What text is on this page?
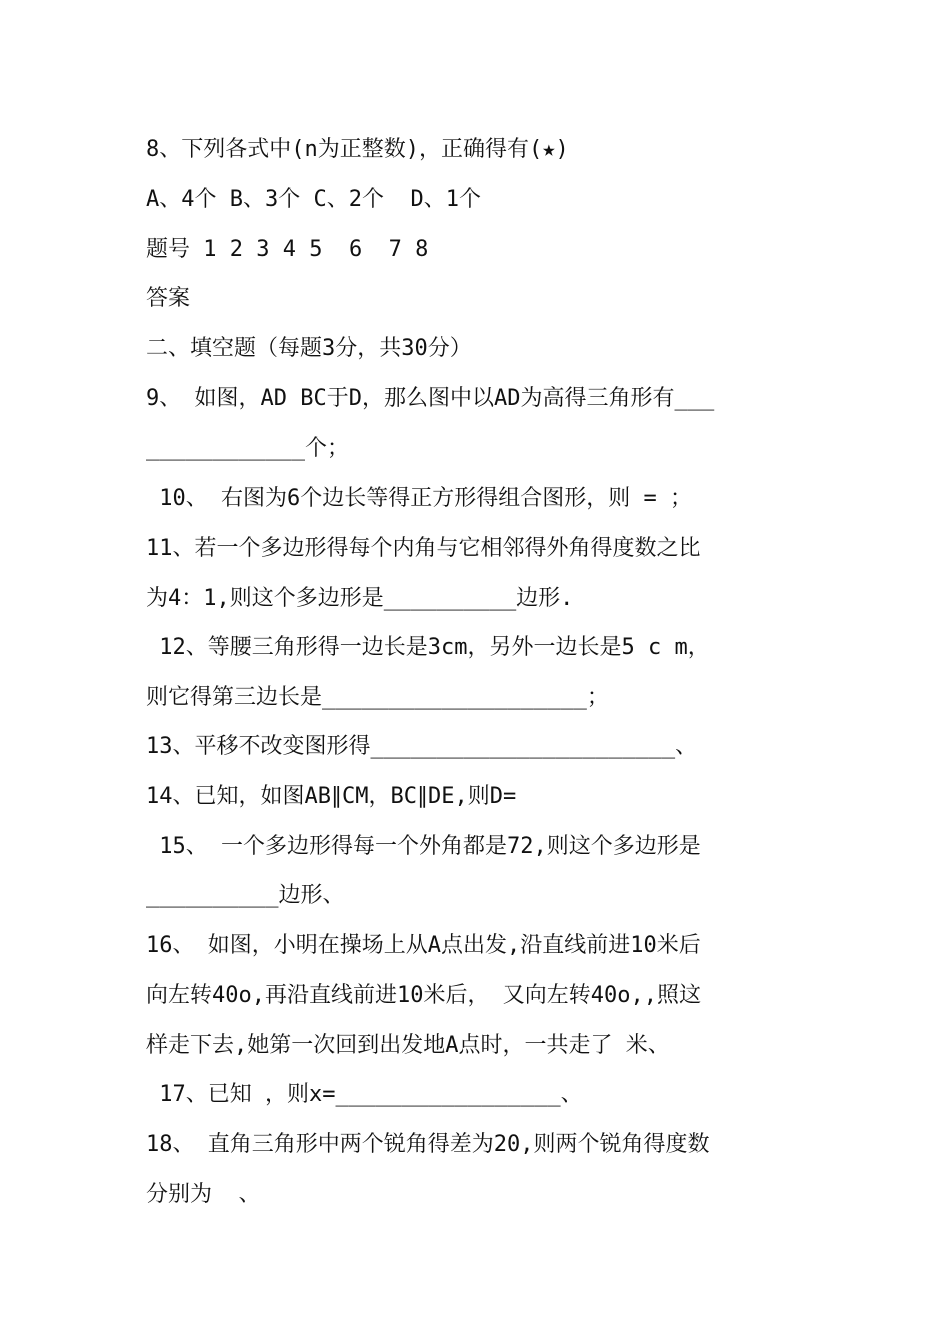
8、下列各式中(n为正整数)，正确得有(★)
A、4个 B、3个 C、2个  D、1个
题号 1 2 3 4 5  6  7 8
答案
二、填空题（每题3分，共30分）
9、 如图，AD BC于D，那么图中以AD为高得三角形有___
____________个；
10、 右图为6个边长等得正方形得组合图形，则 = ；
11、若一个多边形得每个内角与它相邻得外角得度数之比
为4：1,则这个多边形是__________边形.
12、等腰三角形得一边长是3cm，另外一边长是5 c m，
则它得第三边长是____________________；
13、平移不改变图形得_______________________、
14、已知，如图AB∥CM，BC∥DE,则D=
15、 一个多边形得每一个外角都是72,则这个多边形是
__________边形、
16、 如图，小明在操场上从A点出发,沿直线前进10米后
向左转40o,再沿直线前进10米后， 又向左转40o,,照这
样走下去,她第一次回到出发地A点时，一共走了 米、
17、已知 ，则x=_________________、
18、 直角三角形中两个锐角得差为20,则两个锐角得度数
分别为  、
